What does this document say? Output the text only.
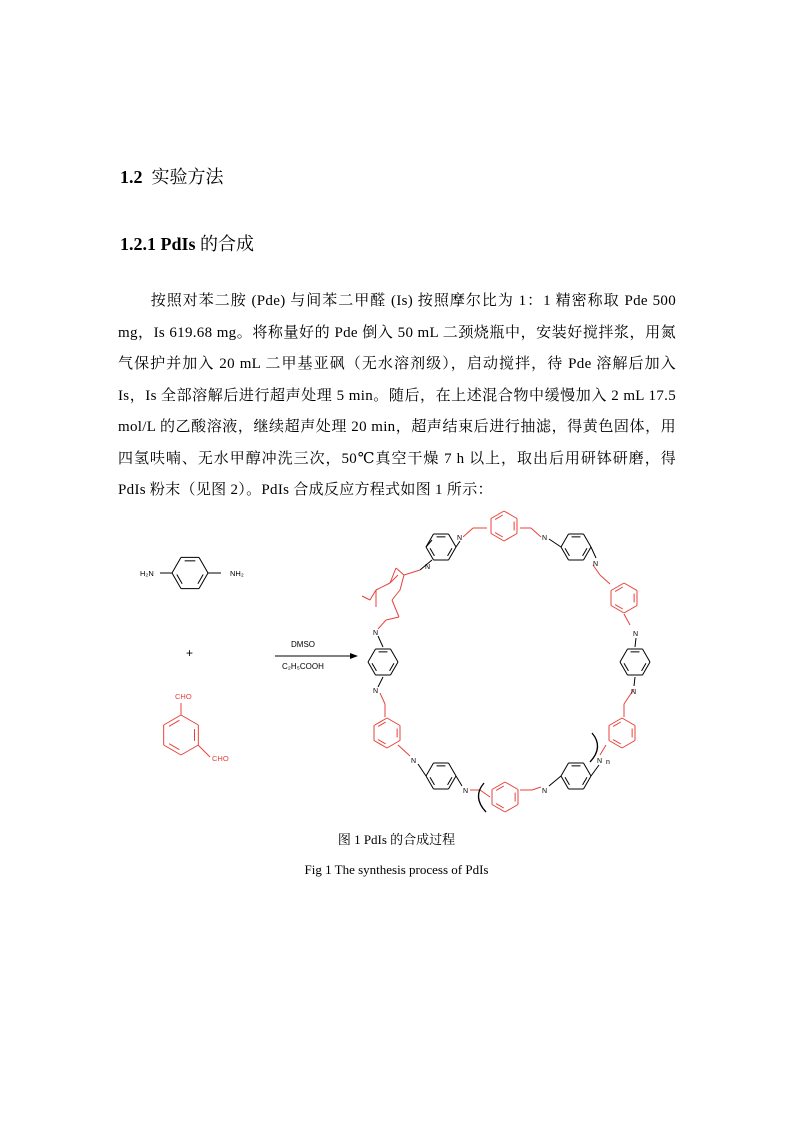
1.2 实验方法
1.2.1 PdIs 的合成
按照对苯二胺 (Pde) 与间苯二甲醛 (Is) 按照摩尔比为 1：1 精密称取 Pde 500 mg，Is 619.68 mg。将称量好的 Pde 倒入 50 mL 二颈烧瓶中，安装好搅拌浆，用氮气保护并加入 20 mL 二甲基亚砜（无水溶剂级），启动搅拌，待 Pde 溶解后加入 Is，Is 全部溶解后进行超声处理 5 min。随后，在上述混合物中缓慢加入 2 mL 17.5 mol/L 的乙酸溶液，继续超声处理 20 min，超声结束后进行抽滤，得黄色固体，用四氢呋喃、无水甲醇冲洗三次，50℃真空干燥 7 h 以上，取出后用研钵研磨，得 PdIs 粉末（见图 2）。PdIs 合成反应方程式如图 1 所示：
N	N
N
N
N
N
N
N
N
N
N
N
H₂N	NH₂
+
CHO
CHO
DMSO
C₂H₅COOH
n
图 1 PdIs 的合成过程
Fig 1 The synthesis process of PdIs
